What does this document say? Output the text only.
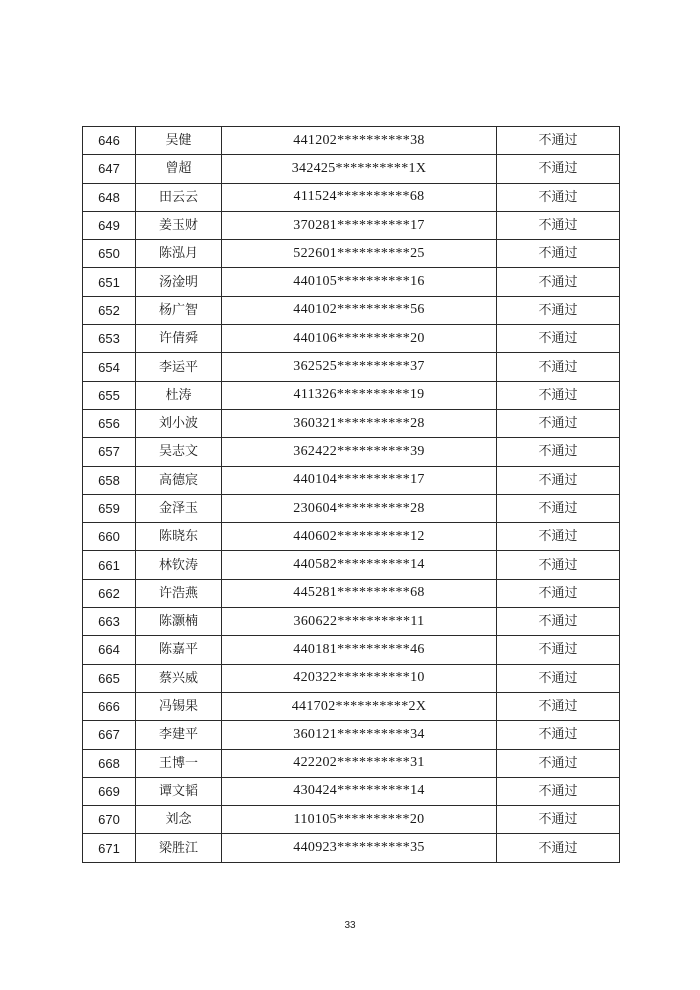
646	吴健	441202**********38	不通过
647	曾超	342425**********1X	不通过
648	田云云	411524**********68	不通过
649	姜玉财	370281**********17	不通过
650	陈泓月	522601**********25	不通过
651	汤淦明	440105**********16	不通过
652	杨广智	440102**********56	不通过
653	许倩舜	440106**********20	不通过
654	李运平	362525**********37	不通过
655	杜涛	411326**********19	不通过
656	刘小波	360321**********28	不通过
657	吴志文	362422**********39	不通过
658	高德宸	440104**********17	不通过
659	金泽玉	230604**********28	不通过
660	陈晓东	440602**********12	不通过
661	林钦涛	440582**********14	不通过
662	许浩燕	445281**********68	不通过
663	陈灏楠	360622**********11	不通过
664	陈嘉平	440181**********46	不通过
665	蔡兴威	420322**********10	不通过
666	冯锡果	441702**********2X	不通过
667	李建平	360121**********34	不通过
668	王博一	422202**********31	不通过
669	谭文韬	430424**********14	不通过
670	刘念	110105**********20	不通过
671	梁胜江	440923**********35	不通过
33
